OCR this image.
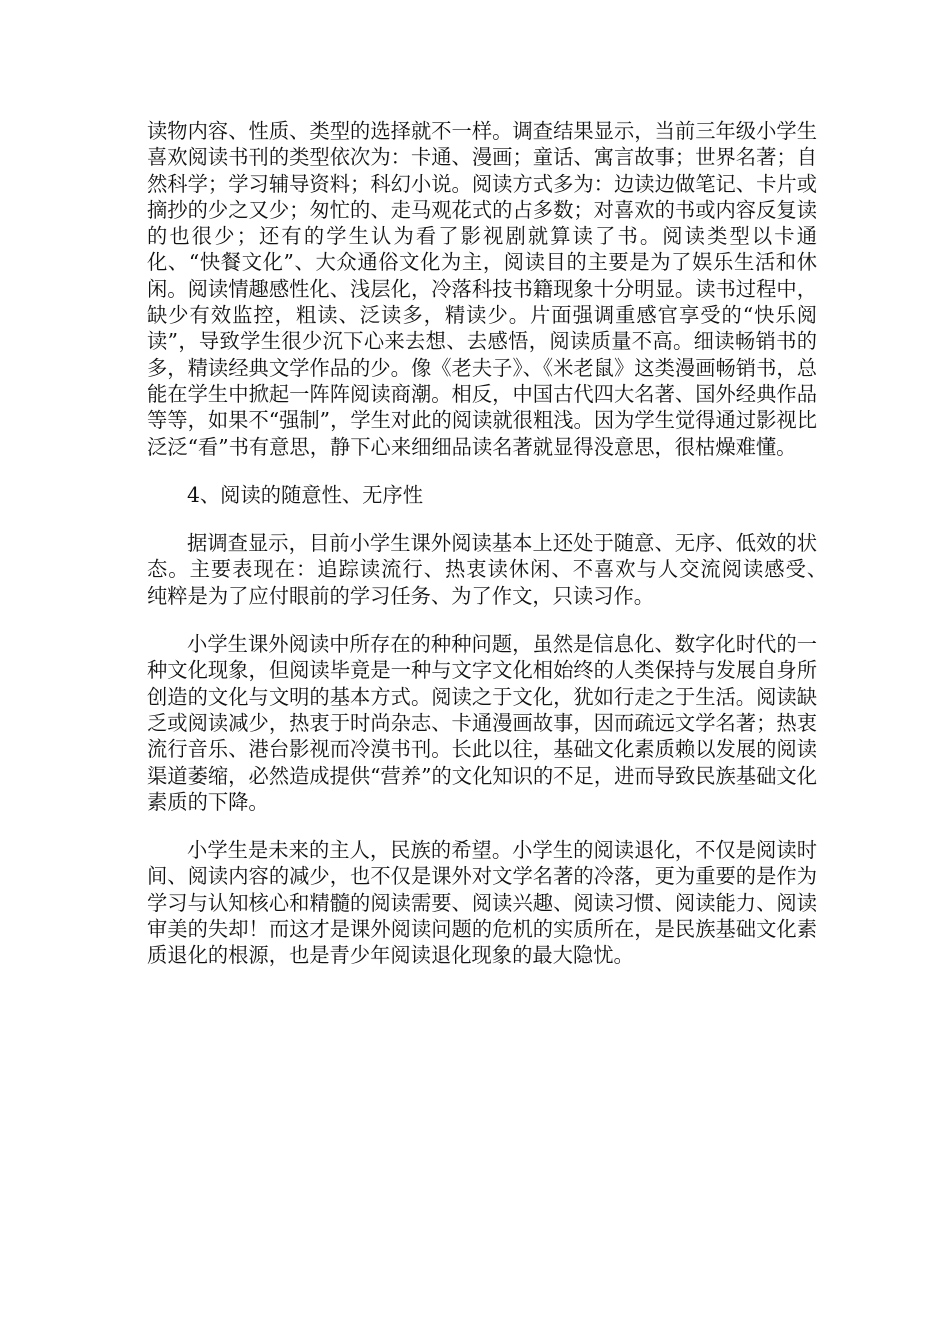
读物内容、性质、类型的选择就不一样。调查结果显示，当前三年级小学生喜欢阅读书刊的类型依次为：卡通、漫画；童话、寓言故事；世界名著；自然科学；学习辅导资料；科幻小说。阅读方式多为：边读边做笔记、卡片或摘抄的少之又少；匆忙的、走马观花式的占多数；对喜欢的书或内容反复读的也很少；还有的学生认为看了影视剧就算读了书。阅读类型以卡通化、“快餐文化”、大众通俗文化为主，阅读目的主要是为了娱乐生活和休闲。阅读情趣感性化、浅层化，冷落科技书籍现象十分明显。读书过程中，缺少有效监控，粗读、泛读多，精读少。片面强调重感官享受的“快乐阅读”，导致学生很少沉下心来去想、去感悟，阅读质量不高。细读畅销书的多，精读经典文学作品的少。像《老夫子》、《米老鼠》这类漫画畅销书，总能在学生中掀起一阵阵阅读商潮。相反，中国古代四大名著、国外经典作品等等，如果不“强制”，学生对此的阅读就很粗浅。因为学生觉得通过影视比泛泛“看”书有意思，静下心来细细品读名著就显得没意思，很枯燥难懂。

4、阅读的随意性、无序性

据调查显示，目前小学生课外阅读基本上还处于随意、无序、低效的状态。主要表现在：追踪读流行、热衷读休闲、不喜欢与人交流阅读感受、　纯粹是为了应付眼前的学习任务、为了作文，只读习作。

小学生课外阅读中所存在的种种问题，虽然是信息化、数字化时代的一种文化现象，但阅读毕竟是一种与文字文化相始终的人类保持与发展自身所创造的文化与文明的基本方式。阅读之于文化，犹如行走之于生活。阅读缺乏或阅读减少，热衷于时尚杂志、卡通漫画故事，因而疏远文学名著；热衷流行音乐、港台影视而冷漠书刊。长此以往，基础文化素质赖以发展的阅读渠道萎缩，必然造成提供“营养”的文化知识的不足，进而导致民族基础文化素质的下降。

小学生是未来的主人，民族的希望。小学生的阅读退化，不仅是阅读时间、阅读内容的减少，也不仅是课外对文学名著的冷落，更为重要的是作为学习与认知核心和精髓的阅读需要、阅读兴趣、阅读习惯、阅读能力、阅读审美的失却！而这才是课外阅读问题的危机的实质所在，是民族基础文化素质退化的根源，也是青少年阅读退化现象的最大隐忧。
